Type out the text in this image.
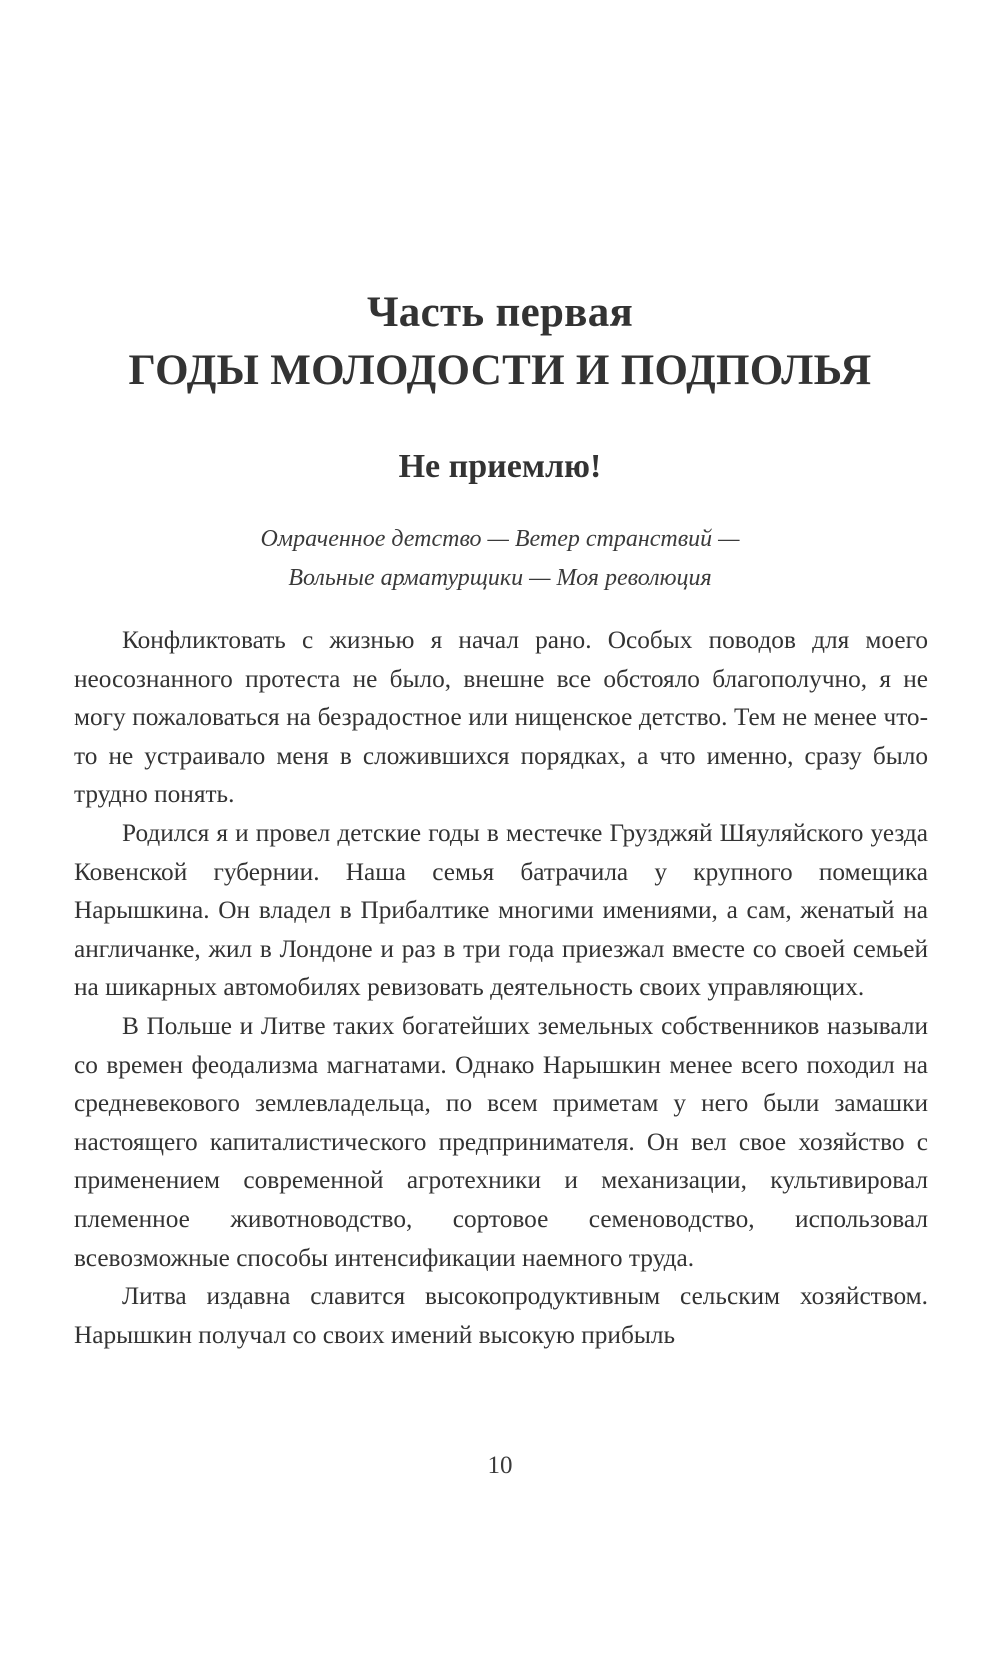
Часть первая
ГОДЫ МОЛОДОСТИ И ПОДПОЛЬЯ
Не приемлю!
Омраченное детство — Ветер странствий —
Вольные арматурщики — Моя революция

Конфликтовать с жизнью я начал рано. Особых поводов для моего неосознанного протеста не было, внешне все обстояло благополучно, я не могу пожаловаться на безрадостное или нищенское детство. Тем не менее что-то не устраивало меня в сложившихся порядках, а что именно, сразу было трудно понять.

Родился я и провел детские годы в местечке Грузджяй Шяуляйского уезда Ковенской губернии. Наша семья батрачила у крупного помещика Нарышкина. Он владел в Прибалтике многими имениями, а сам, женатый на англичанке, жил в Лондоне и раз в три года приезжал вместе со своей семьей на шикарных автомобилях ревизовать деятельность своих управляющих.

В Польше и Литве таких богатейших земельных собственников называли со времен феодализма магнатами. Однако Нарышкин менее всего походил на средневекового землевладельца, по всем приметам у него были замашки настоящего капиталистического предпринимателя. Он вел свое хозяйство с применением современной агротехники и механизации, культивировал племенное животноводство, сортовое семеноводство, использовал всевозможные способы интенсификации наемного труда.

Литва издавна славится высокопродуктивным сельским хозяйством. Нарышкин получал со своих имений высокую прибыль

10
